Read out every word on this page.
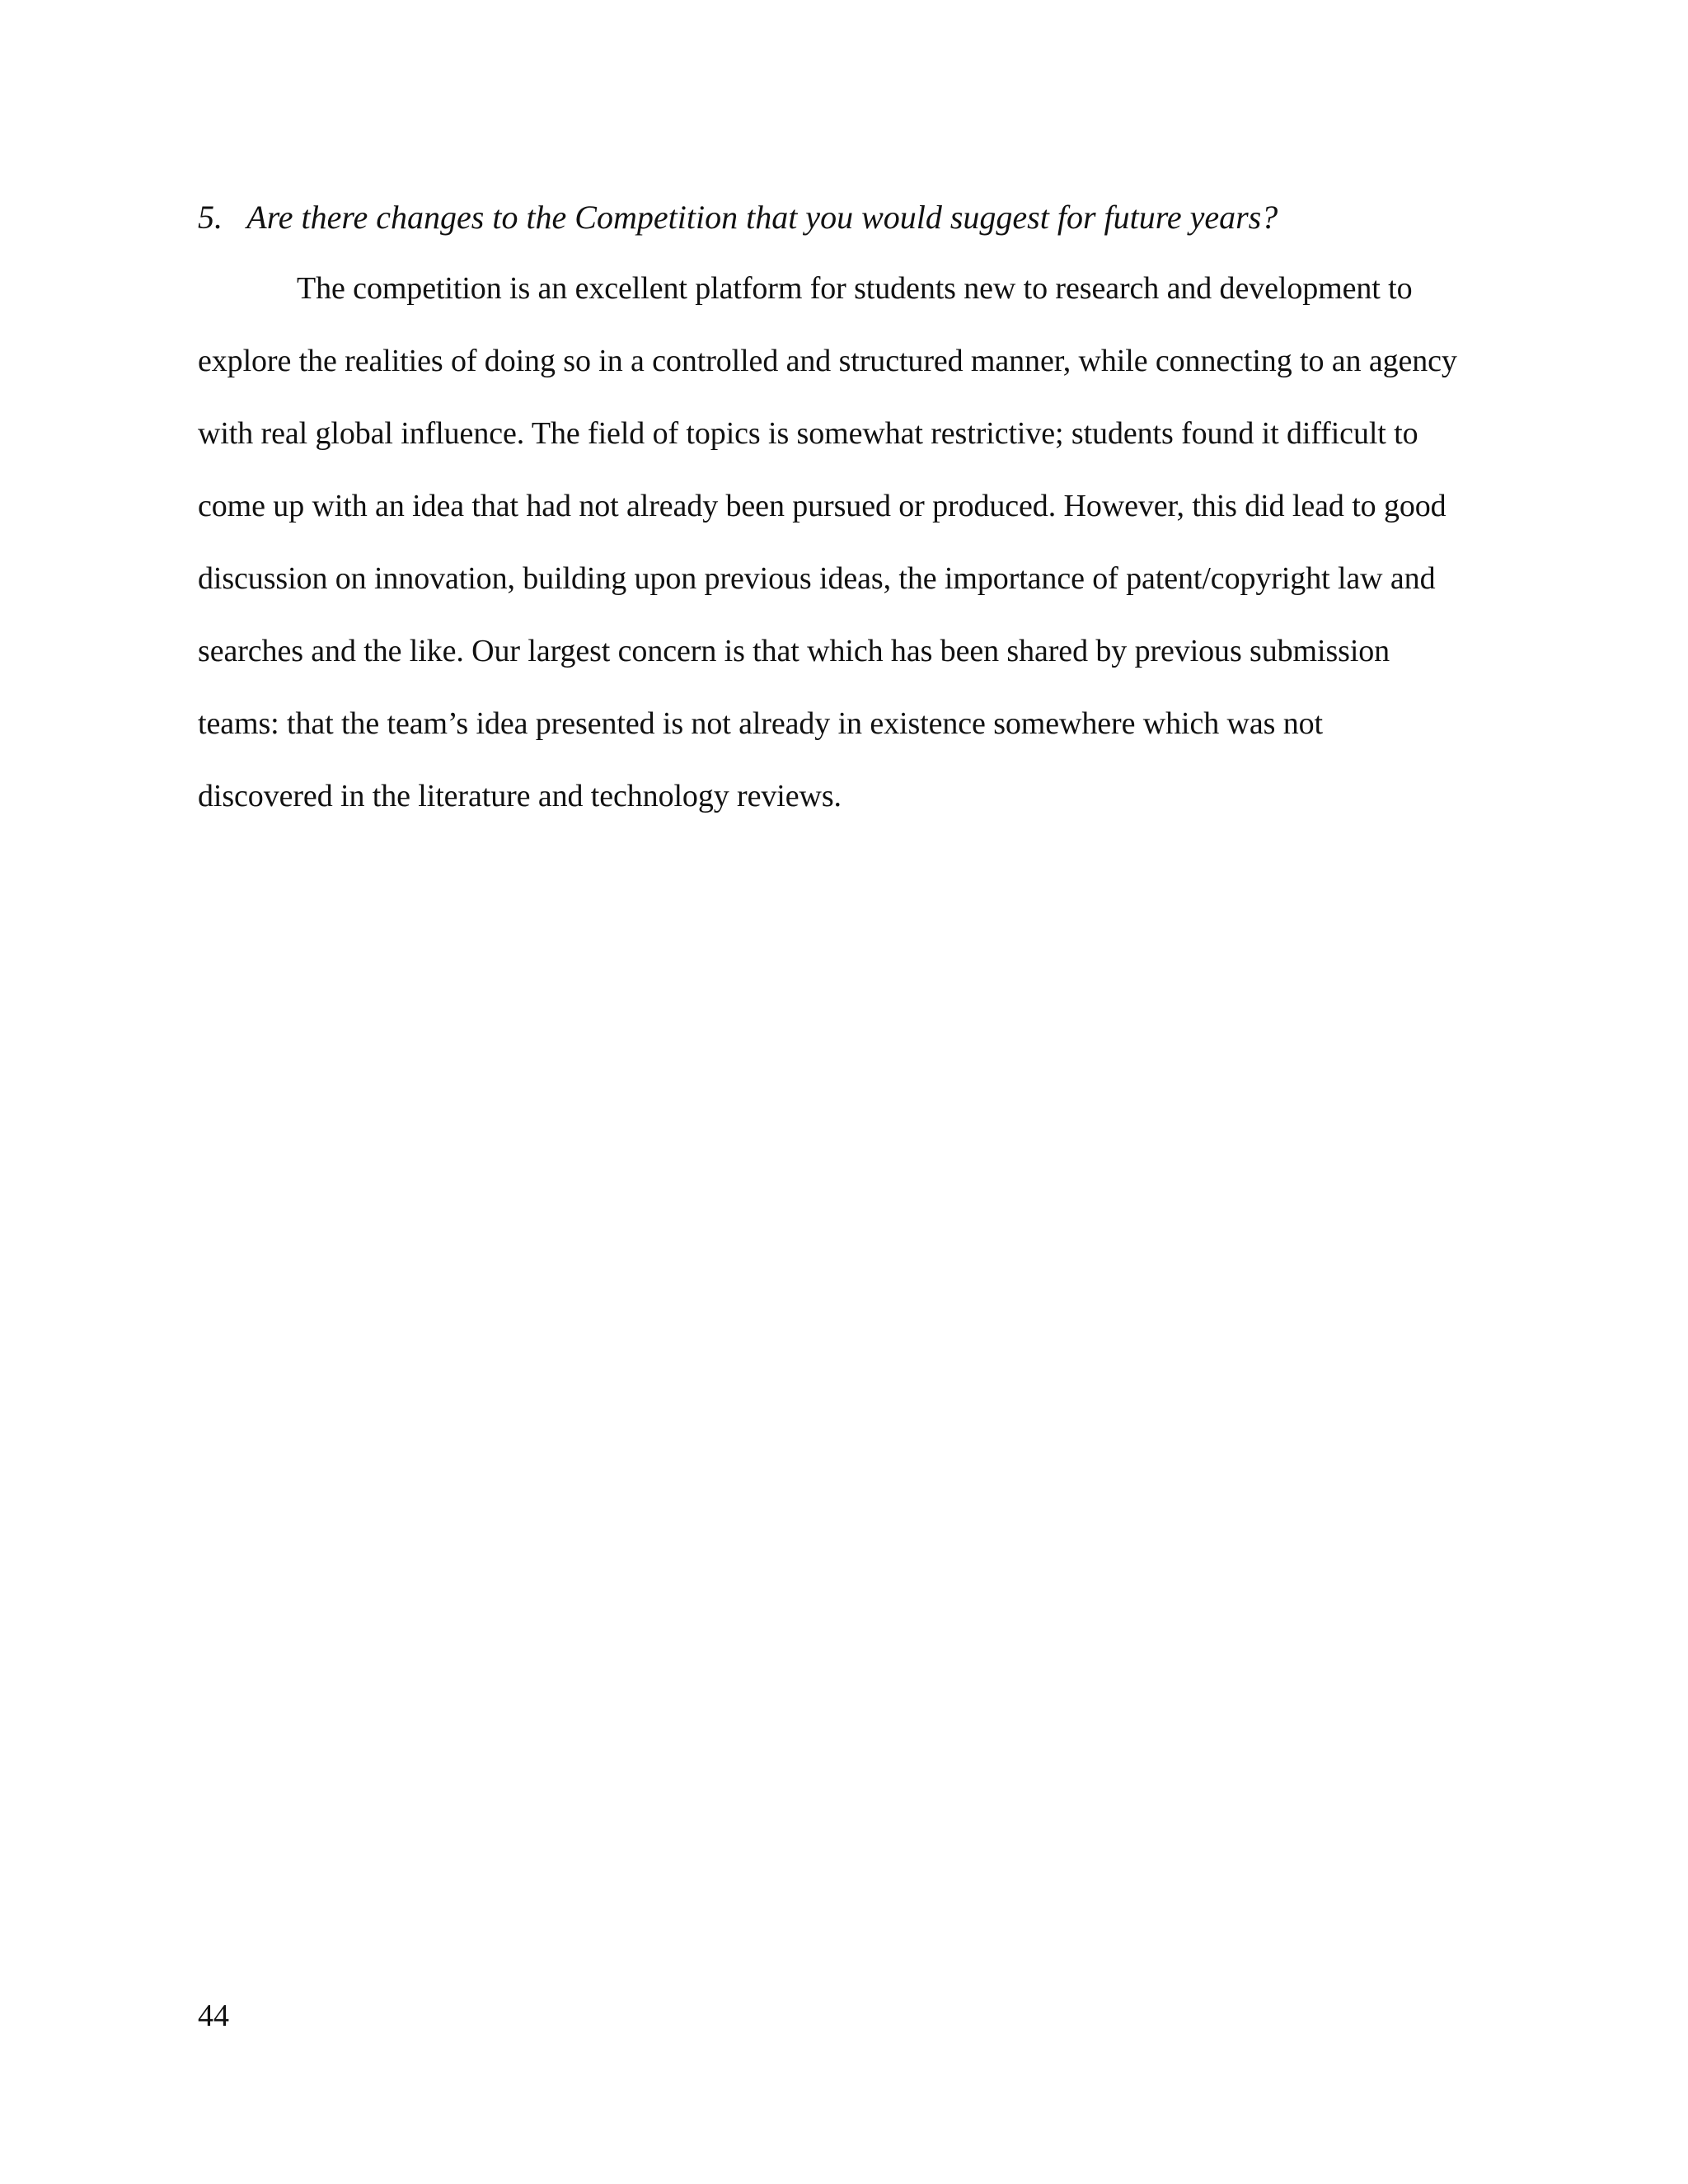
5. Are there changes to the Competition that you would suggest for future years?
The competition is an excellent platform for students new to research and development to
explore the realities of doing so in a controlled and structured manner, while connecting to an agency
with real global influence. The field of topics is somewhat restrictive; students found it difficult to
come up with an idea that had not already been pursued or produced. However, this did lead to good
discussion on innovation, building upon previous ideas, the importance of patent/copyright law and
searches and the like. Our largest concern is that which has been shared by previous submission
teams: that the team’s idea presented is not already in existence somewhere which was not
discovered in the literature and technology reviews.
44
